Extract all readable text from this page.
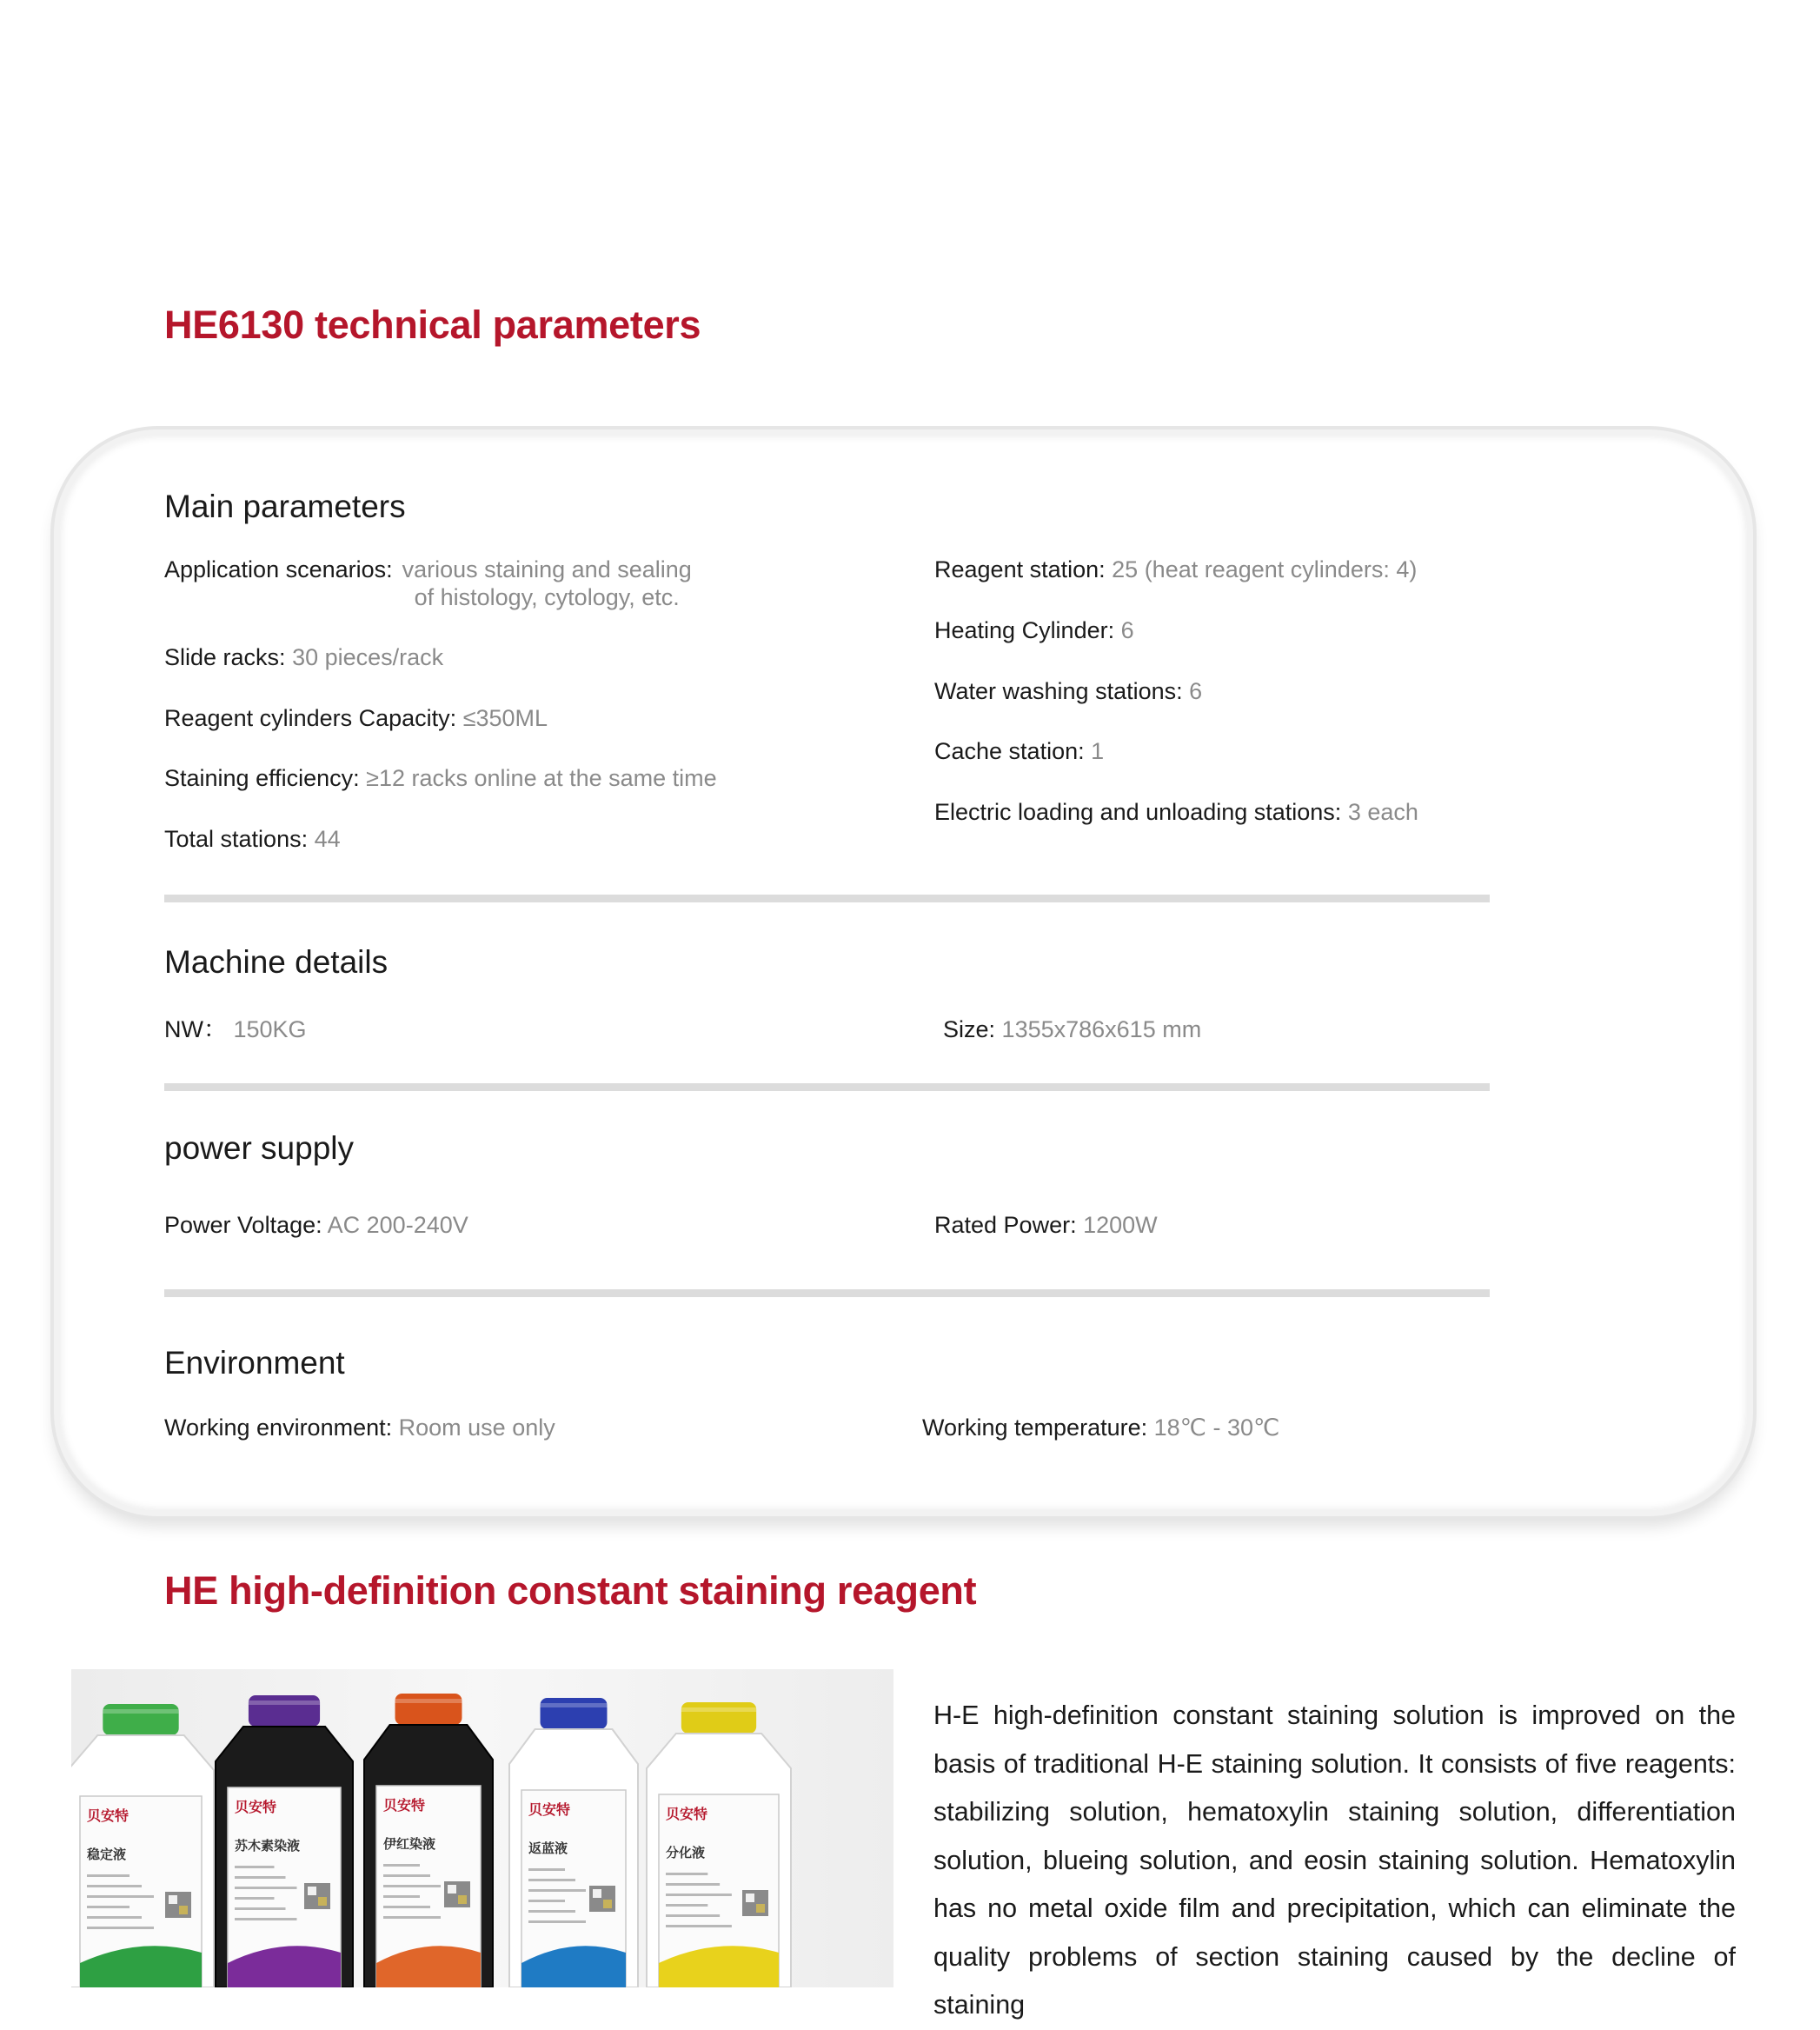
HE6130 technical parameters
Main parameters
Application scenarios: various staining and sealing
of histology, cytology, etc.
Slide racks: 30 pieces/rack
Reagent cylinders Capacity: ≤350ML
Staining efficiency: ≥12 racks online at the same time
Total stations: 44
Reagent station: 25 (heat reagent cylinders: 4)
Heating Cylinder: 6
Water washing stations: 6
Cache station: 1
Electric loading and unloading stations: 3 each
Machine details
NW： 150KG	Size: 1355x786x615 mm
power supply
Power Voltage: AC 200-240V	Rated Power: 1200W
Environment
Working environment: Room use only	Working temperature: 18℃ - 30℃
HE high-definition constant staining reagent
贝安特
分化液
贝安特
返蓝液
贝安特
伊红染液
贝安特
苏木素染液
贝安特
稳定液

H-E high-definition constant staining solution is improved on the basis of traditional H-E staining solution. It consists of five reagents: stabilizing solution, hematoxylin staining solution, differentiation solution, blueing solution, and eosin staining solution. Hematoxylin has no metal oxide film and precipitation, which can eliminate the quality problems of section staining caused by the decline of staining
